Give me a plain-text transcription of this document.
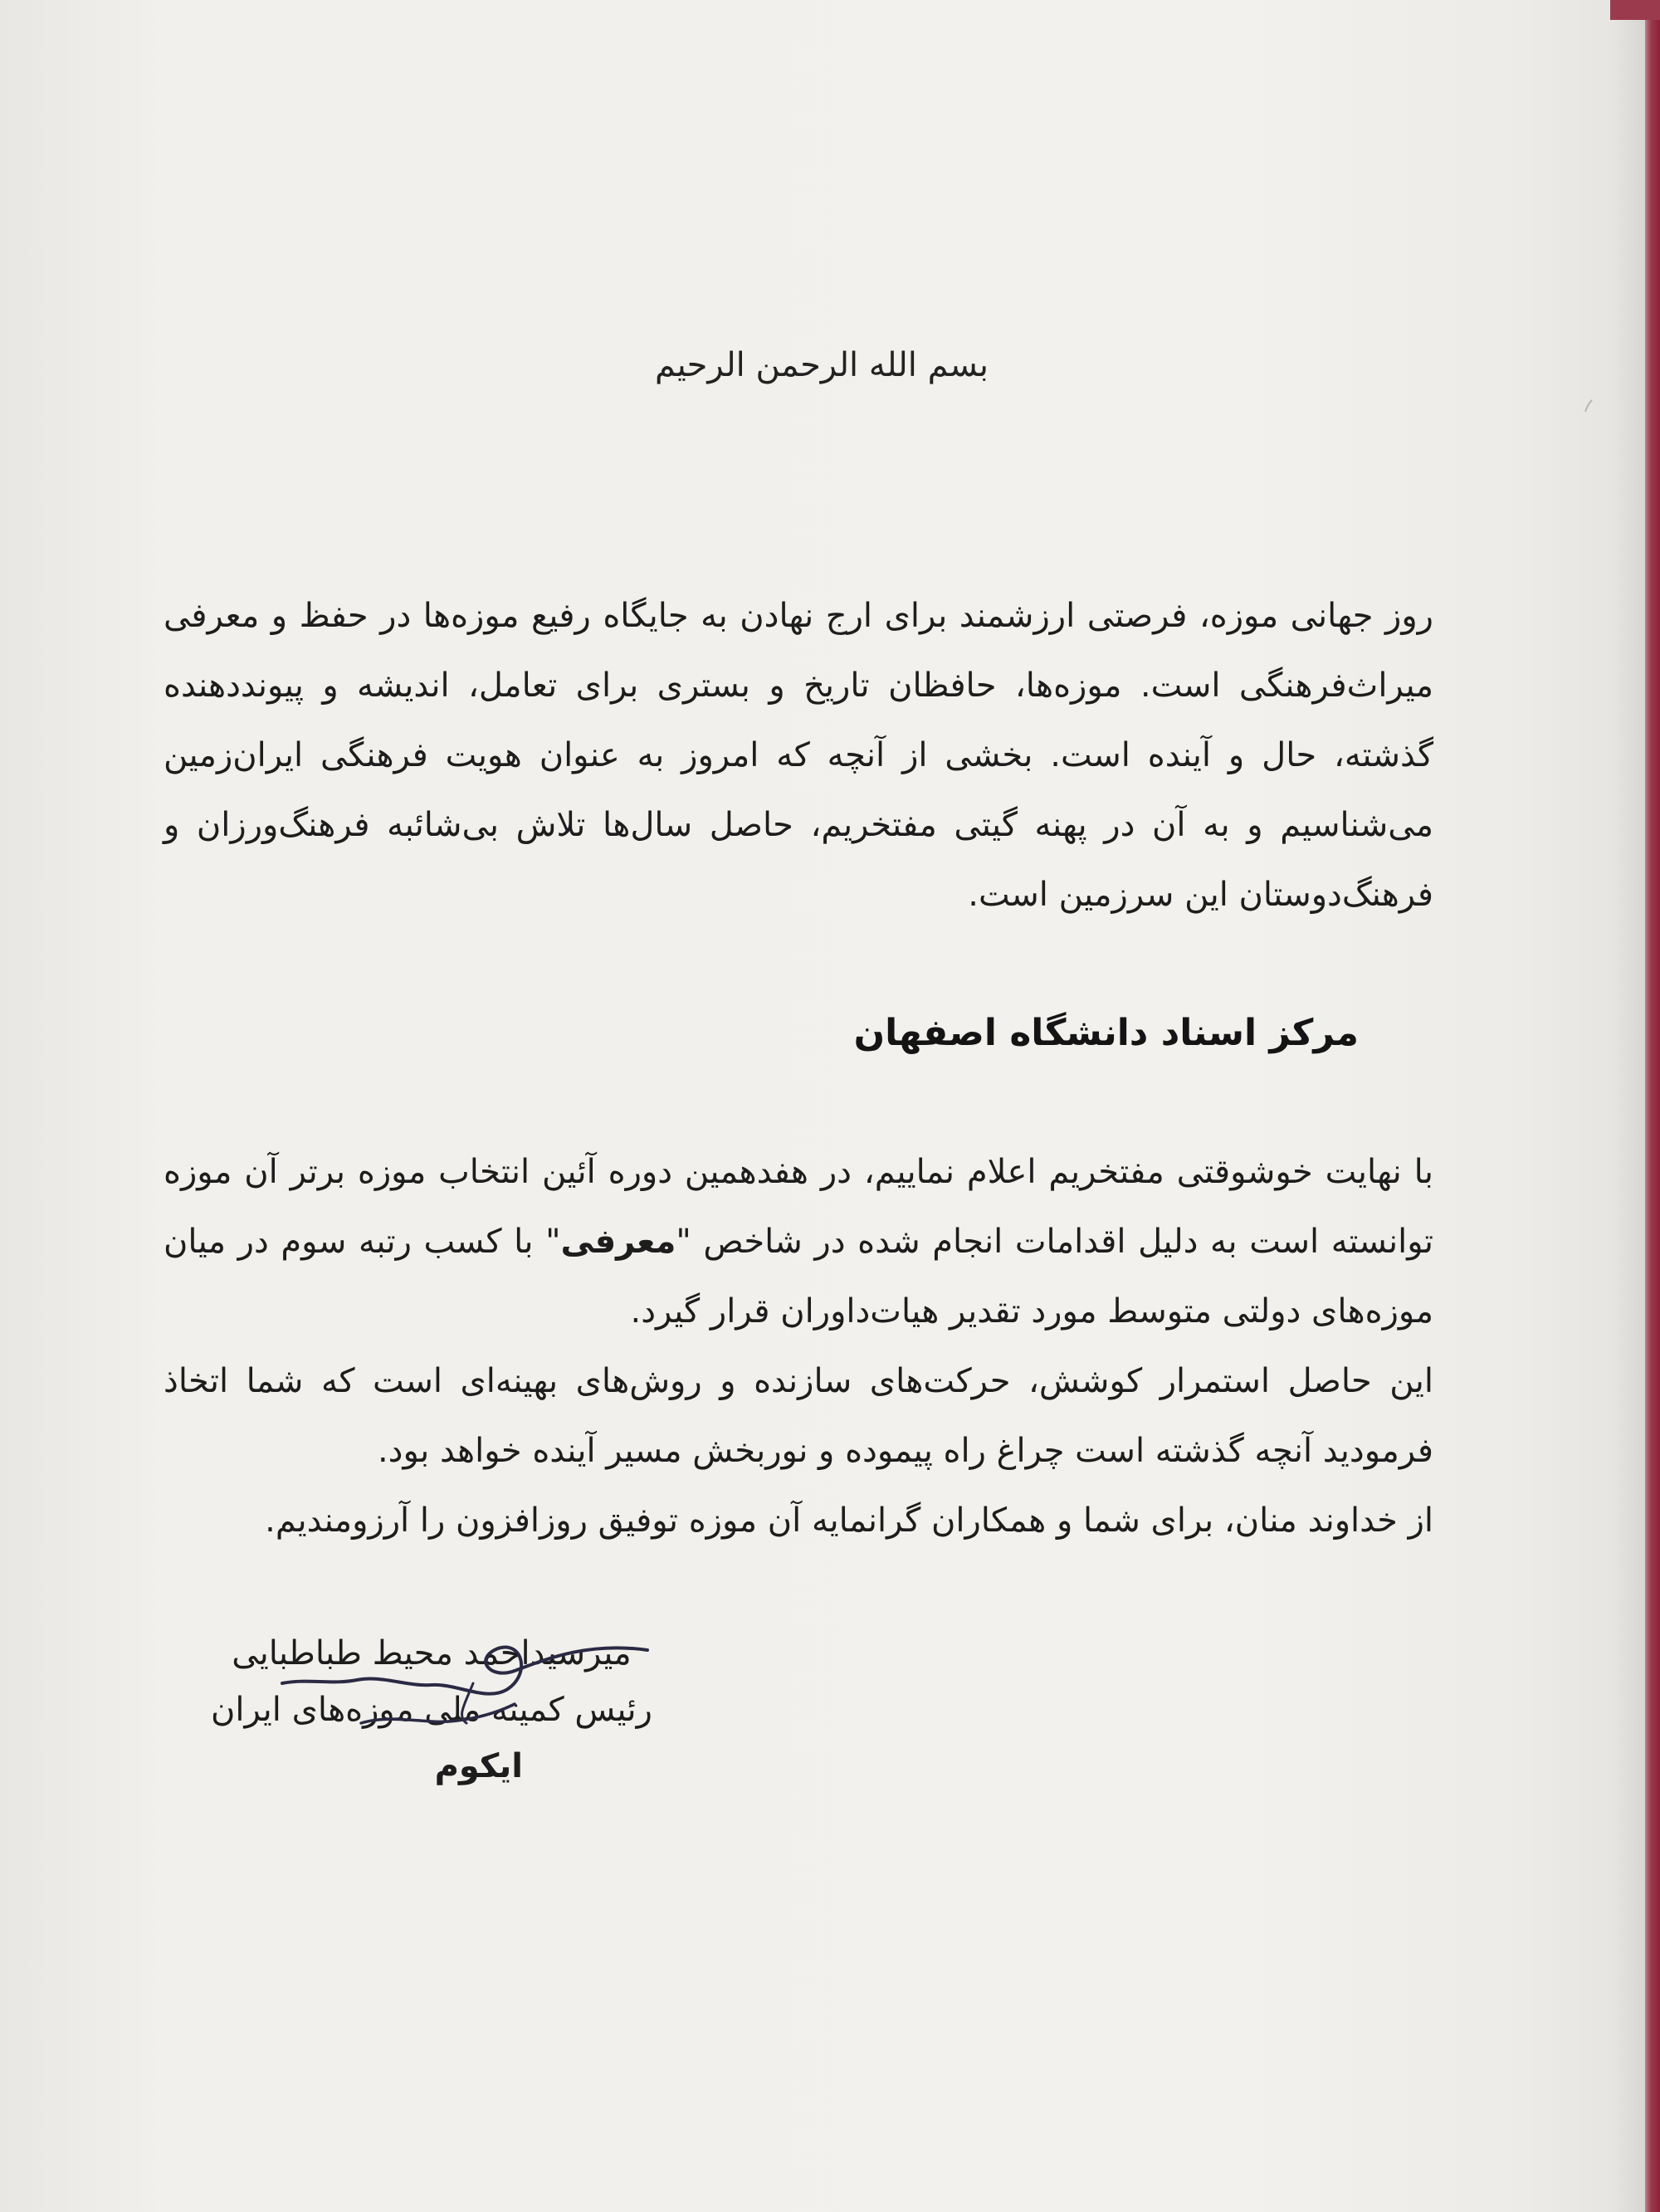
بسم الله الرحمن الرحیم
روز جهانی موزه، فرصتی ارزشمند برای ارج نهادن به جایگاه رفیع موزه‌ها در حفظ و معرفی میراث‌فرهنگی است. موزه‌ها، حافظان تاریخ و بستری برای تعامل، اندیشه و پیونددهنده گذشته، حال و آینده است. بخشی از آنچه که امروز به عنوان هویت فرهنگی ایران‌زمین می‌شناسیم و به آن در پهنه گیتی مفتخریم، حاصل سال‌ها تلاش بی‌شائبه فرهنگ‌ورزان و فرهنگ‌دوستان این سرزمین است.
مرکز اسناد دانشگاه اصفهان
با نهایت خوشوقتی مفتخریم اعلام نماییم، در هفدهمین دوره آئین انتخاب موزه برتر آن موزه توانسته است به دلیل اقدامات انجام شده در شاخص "معرفی" با کسب رتبه سوم در میان موزه‌های دولتی متوسط مورد تقدیر هیات‌داوران قرار گیرد.
این حاصل استمرار کوشش، حرکت‌های سازنده و روش‌های بهینه‌ای است که شما اتخاذ فرمودید آنچه گذشته است چراغ راه پیموده و نوربخش مسیر آینده خواهد بود.
از خداوند منان، برای شما و همکاران گرانمایه آن موزه توفیق روزافزون را آرزومندیم.
میرسیداحمد محیط طباطبایی
رئیس کمیته ملی موزه‌های ایران
ایکوم
